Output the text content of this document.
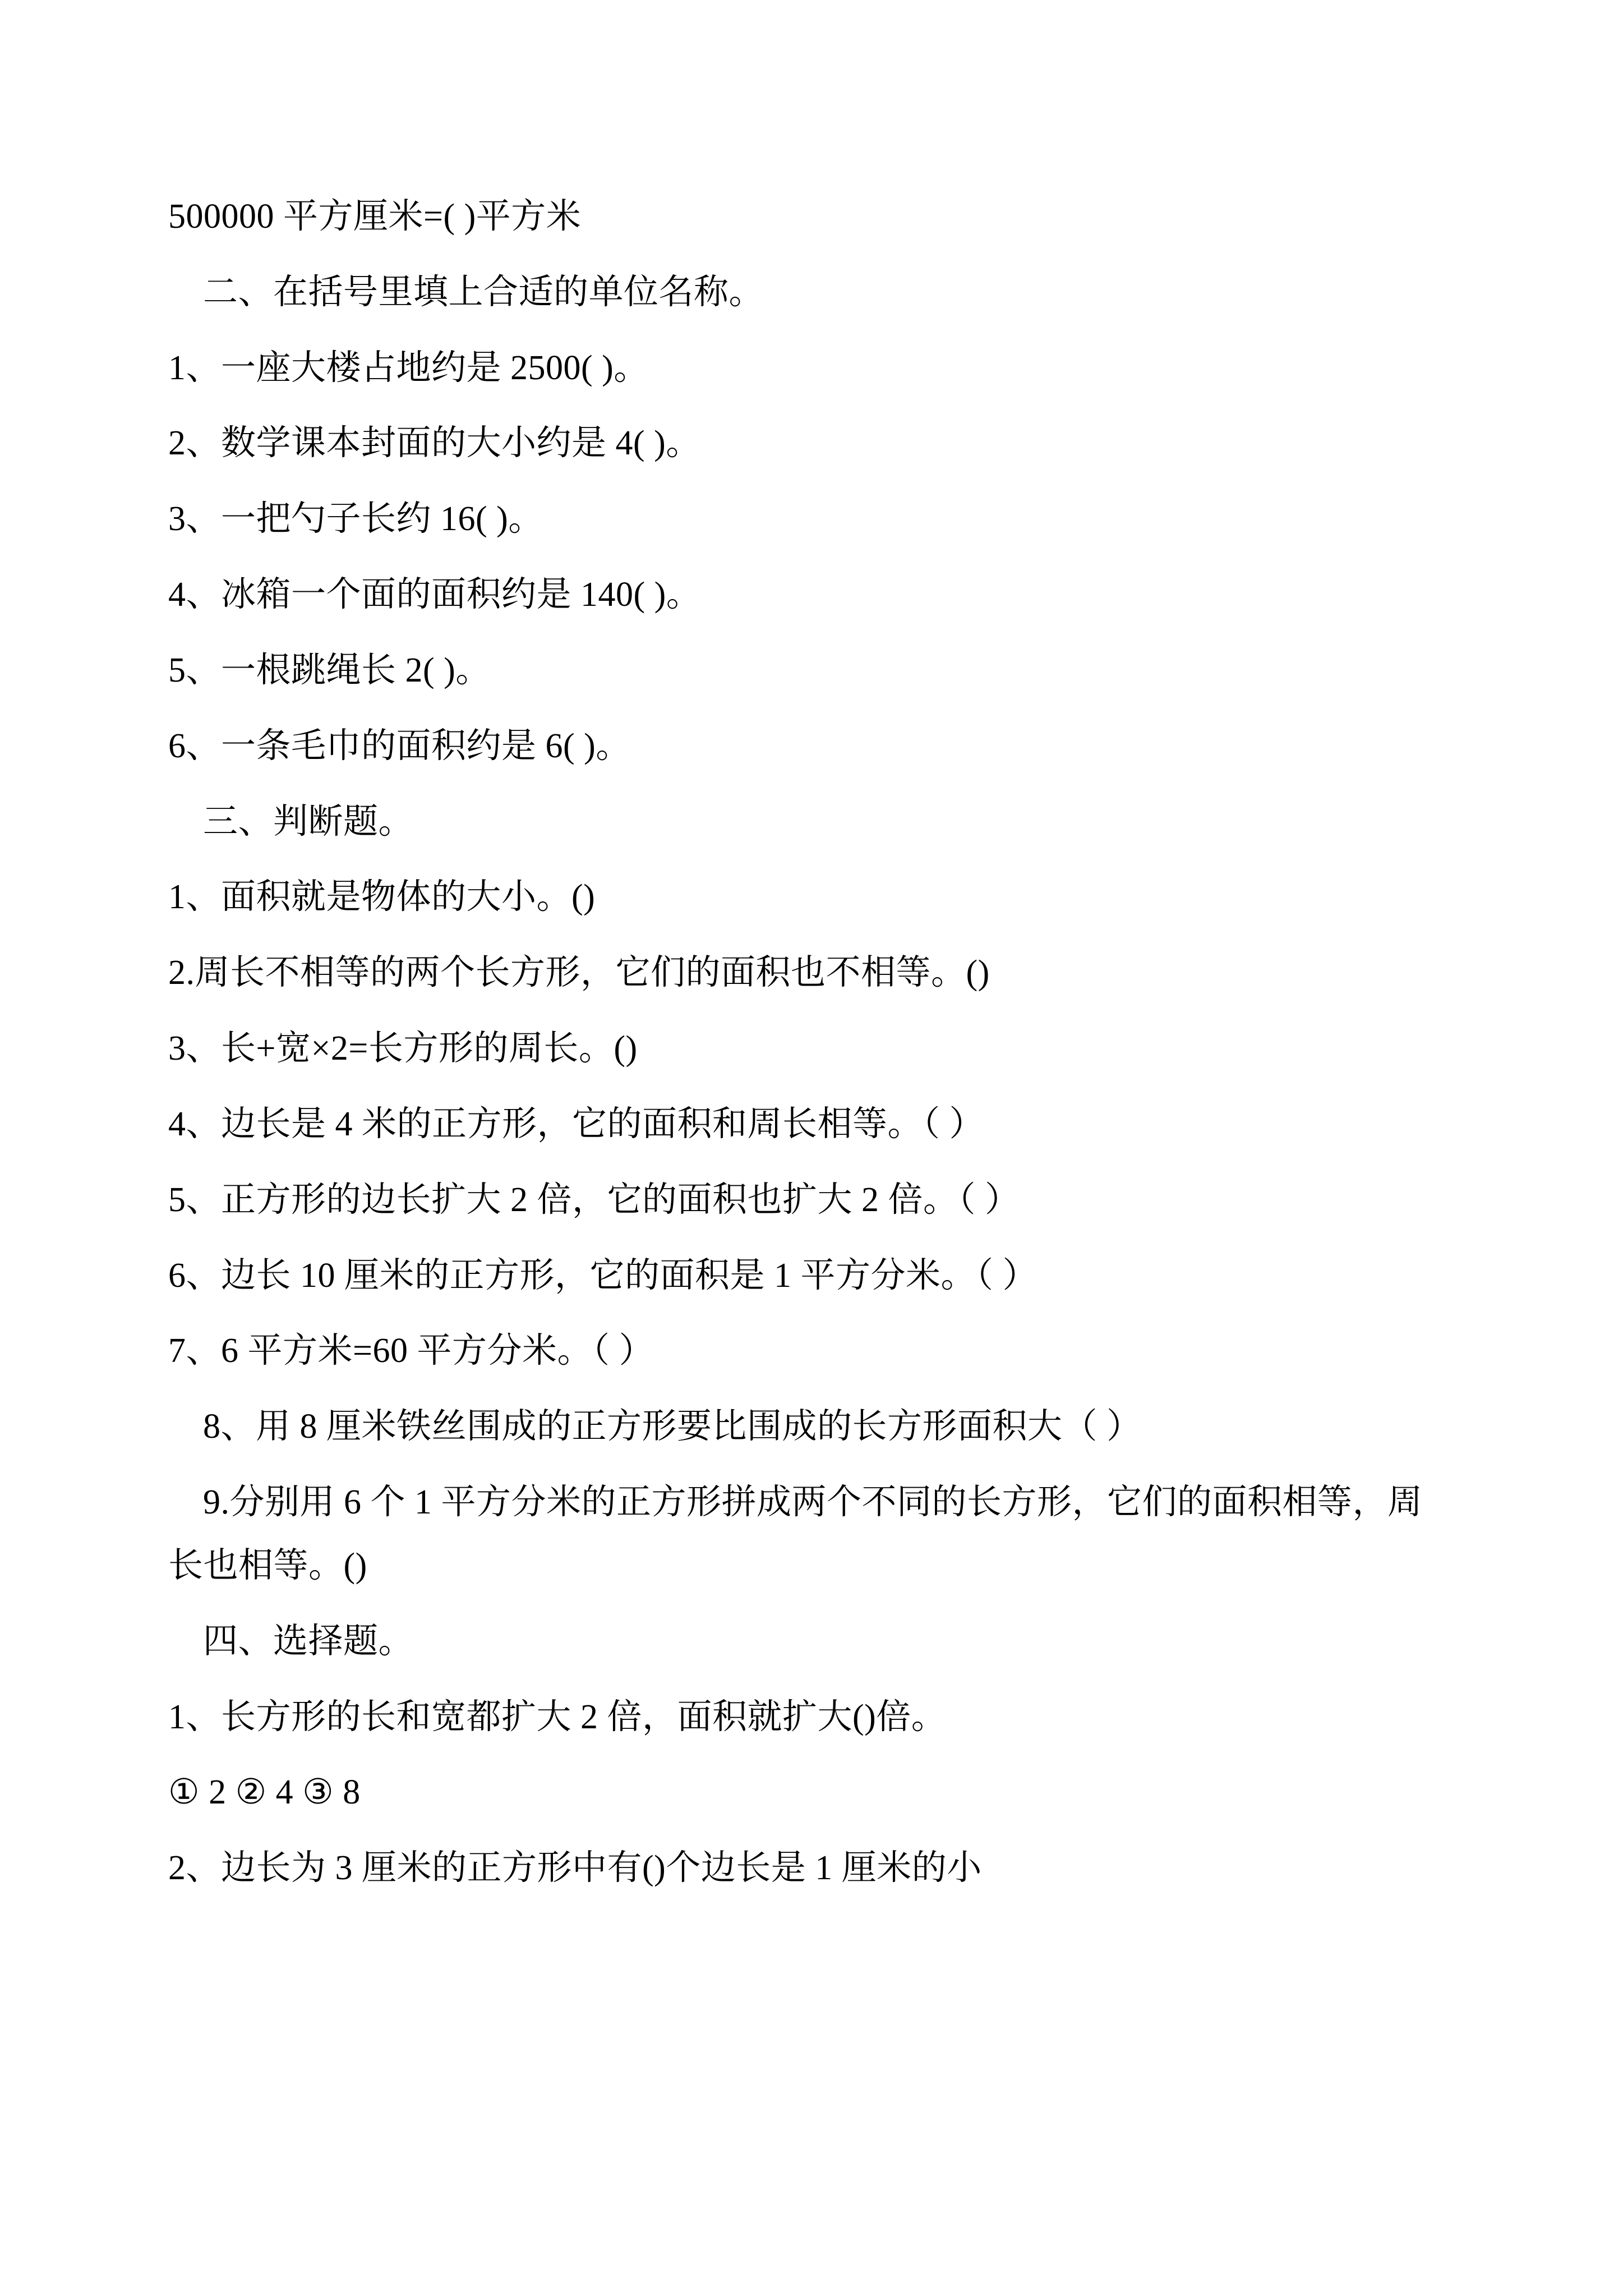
500000 平方厘米=( )平方米

二、在括号里填上合适的单位名称。

1、一座大楼占地约是 2500( )。

2、数学课本封面的大小约是 4( )。

3、一把勺子长约 16( )。

4、冰箱一个面的面积约是 140( )。

5、一根跳绳长 2( )。

6、一条毛巾的面积约是 6( )。

三、判断题。

1、面积就是物体的大小。()

2.周长不相等的两个长方形，它们的面积也不相等。()

3、长+宽×2=长方形的周长。()

4、边长是 4 米的正方形，它的面积和周长相等。（ ）

5、正方形的边长扩大 2 倍，它的面积也扩大 2 倍。（ ）

6、边长 10 厘米的正方形，它的面积是 1 平方分米。（ ）

7、6 平方米=60 平方分米。（ ）

8、用 8 厘米铁丝围成的正方形要比围成的长方形面积大（ ）

9.分别用 6 个 1 平方分米的正方形拼成两个不同的长方形，它们的面积相等，周长也相等。()

四、选择题。

1、长方形的长和宽都扩大 2 倍，面积就扩大()倍。

① 2 ② 4 ③ 8

2、边长为 3 厘米的正方形中有()个边长是 1 厘米的小
